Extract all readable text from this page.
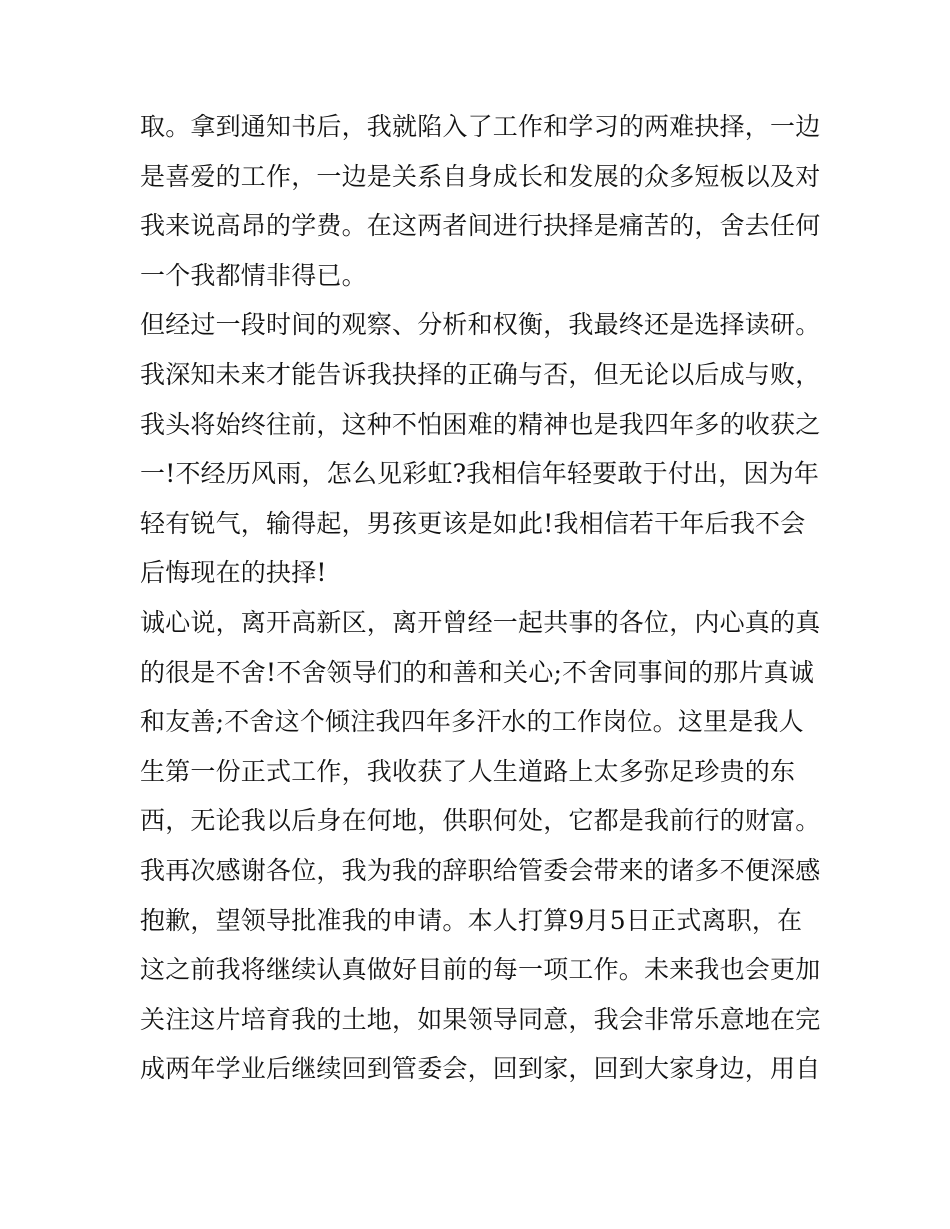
取。拿到通知书后，我就陷入了工作和学习的两难抉择，一边
是喜爱的工作，一边是关系自身成长和发展的众多短板以及对
我来说高昂的学费。在这两者间进行抉择是痛苦的，舍去任何
一个我都情非得已。
但经过一段时间的观察、分析和权衡，我最终还是选择读研。
我深知未来才能告诉我抉择的正确与否，但无论以后成与败，
我头将始终往前，这种不怕困难的精神也是我四年多的收获之
一!不经历风雨，怎么见彩虹?我相信年轻要敢于付出，因为年
轻有锐气，输得起，男孩更该是如此!我相信若干年后我不会
后悔现在的抉择!
诚心说，离开高新区，离开曾经一起共事的各位，内心真的真
的很是不舍!不舍领导们的和善和关心;不舍同事间的那片真诚
和友善;不舍这个倾注我四年多汗水的工作岗位。这里是我人
生第一份正式工作，我收获了人生道路上太多弥足珍贵的东
西，无论我以后身在何地，供职何处，它都是我前行的财富。
我再次感谢各位，我为我的辞职给管委会带来的诸多不便深感
抱歉，望领导批准我的申请。本人打算9月5日正式离职，在
这之前我将继续认真做好目前的每一项工作。未来我也会更加
关注这片培育我的土地，如果领导同意，我会非常乐意地在完
成两年学业后继续回到管委会，回到家，回到大家身边，用自
